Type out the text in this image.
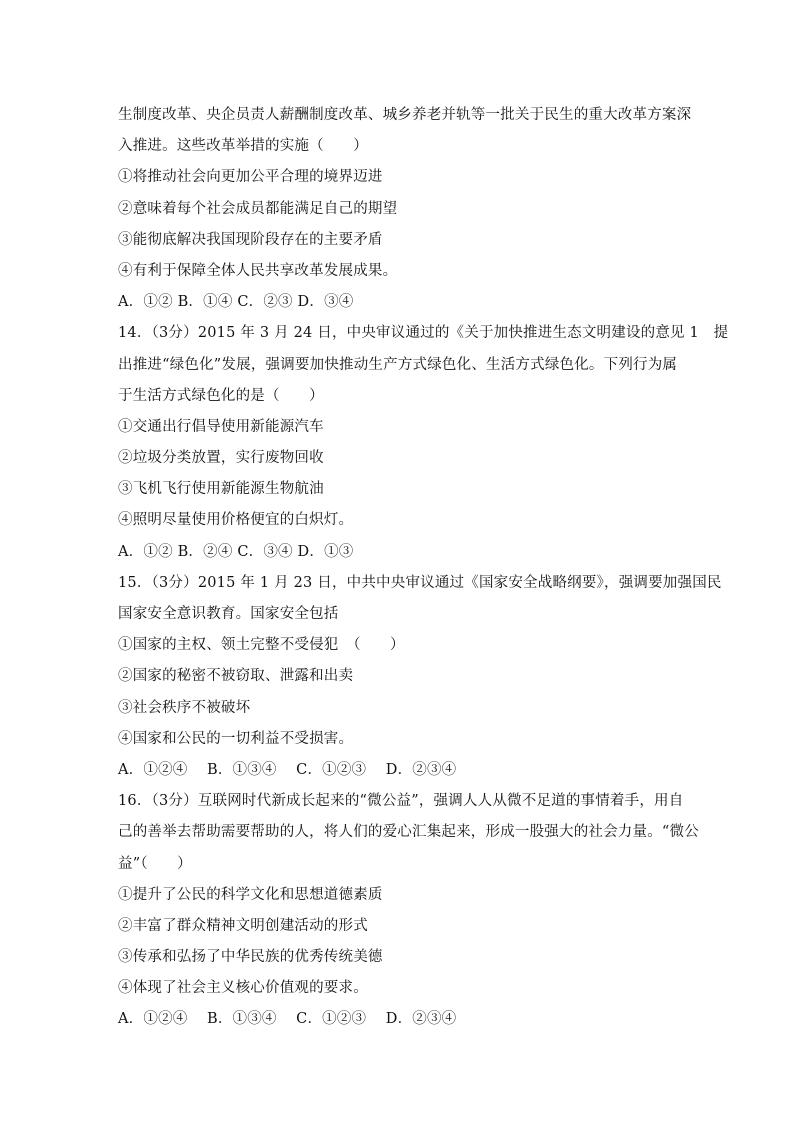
生制度改革、央企员责人薪酬制度改革、城乡养老并轨等一批关于民生的重大改革方案深
入推进。这些改革举措的实施（　　）
①将推动社会向更加公平合理的境界迈进
②意味着每个社会成员都能满足自己的期望
③能彻底解决我国现阶段存在的主要矛盾
④有利于保障全体人民共享改革发展成果。
A．①② B．①④ C．②③ D．③④
14．（3分）2015 年 3 月 24 日，中央审议通过的《关于加快推进生态文明建设的意见 1　提
出推进“绿色化”发展，强调要加快推动生产方式绿色化、生活方式绿色化。下列行为属
于生活方式绿色化的是（　　）
①交通出行倡导使用新能源汽车
②垃圾分类放置，实行废物回收
③飞机飞行使用新能源生物航油
④照明尽量使用价格便宜的白炽灯。
A．①② B．②④ C．③④ D．①③
15．（3分）2015 年 1 月 23 日，中共中央审议通过《国家安全战略纲要》，强调要加强国民
国家安全意识教育。国家安全包括
①国家的主权、领土完整不受侵犯　（　　）
②国家的秘密不被窃取、泄露和出卖
③社会秩序不被破坏
④国家和公民的一切利益不受损害。
A．①②④　 B．①③④　 C．①②③　 D．②③④
16．（3分）互联网时代新成长起来的“微公益”，强调人人从微不足道的事情着手，用自
己的善举去帮助需要帮助的人，将人们的爱心汇集起来，形成一股强大的社会力量。“微公
益”（　　）
①提升了公民的科学文化和思想道德素质
②丰富了群众精神文明创建活动的形式
③传承和弘扬了中华民族的优秀传统美德
④体现了社会主义核心价值观的要求。
A．①②④　 B．①③④　 C．①②③　 D．②③④
